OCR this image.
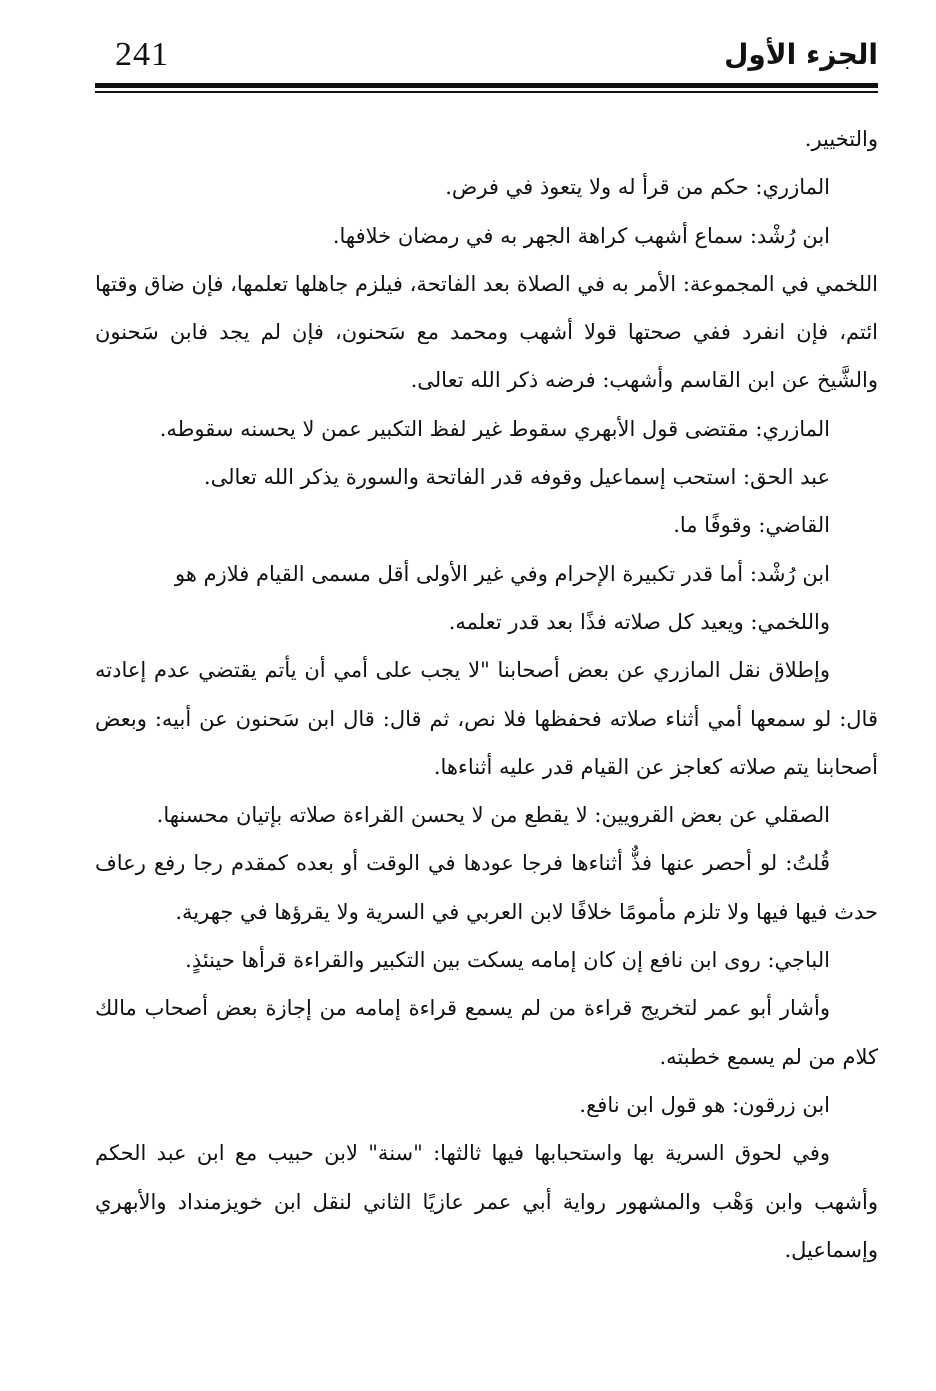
241	الجزء الأول

والتخيير.

المازري: حكم من قرأ له ولا يتعوذ في فرض.

ابن رُشْد: سماع أشهب كراهة الجهر به في رمضان خلافها.

اللخمي في المجموعة: الأمر به في الصلاة بعد الفاتحة، فيلزم جاهلها تعلمها، فإن ضاق وقتها ائتم، فإن انفرد ففي صحتها قولا أشهب ومحمد مع سَحنون، فإن لم يجد فابن سَحنون والشَّيخ عن ابن القاسم وأشهب: فرضه ذكر الله تعالى.

المازري: مقتضى قول الأبهري سقوط غير لفظ التكبير عمن لا يحسنه سقوطه.

عبد الحق: استحب إسماعيل وقوفه قدر الفاتحة والسورة يذكر الله تعالى.

القاضي: وقوفًا ما.

ابن رُشْد: أما قدر تكبيرة الإحرام وفي غير الأولى أقل مسمى القيام فلازم هو

واللخمي: ويعيد كل صلاته فذًا بعد قدر تعلمه.

وإطلاق نقل المازري عن بعض أصحابنا "لا يجب على أمي أن يأتم يقتضي عدم إعادته قال: لو سمعها أمي أثناء صلاته فحفظها فلا نص، ثم قال: قال ابن سَحنون عن أبيه: وبعض أصحابنا يتم صلاته كعاجز عن القيام قدر عليه أثناءها.

الصقلي عن بعض القرويين: لا يقطع من لا يحسن القراءة صلاته بإتيان محسنها.

قُلتُ: لو أحصر عنها فذٌّ أثناءها فرجا عودها في الوقت أو بعده كمقدم رجا رفع رعاف حدث فيها فيها ولا تلزم مأمومًا خلافًا لابن العربي في السرية ولا يقرؤها في جهرية.

الباجي: روى ابن نافع إن كان إمامه يسكت بين التكبير والقراءة قرأها حينئذٍ.

وأشار أبو عمر لتخريج قراءة من لم يسمع قراءة إمامه من إجازة بعض أصحاب مالك كلام من لم يسمع خطبته.

ابن زرقون: هو قول ابن نافع.

وفي لحوق السرية بها واستحبابها فيها ثالثها: "سنة" لابن حبيب مع ابن عبد الحكم وأشهب وابن وَهْب والمشهور رواية أبي عمر عازيًا الثاني لنقل ابن خويزمنداد والأبهري وإسماعيل.
